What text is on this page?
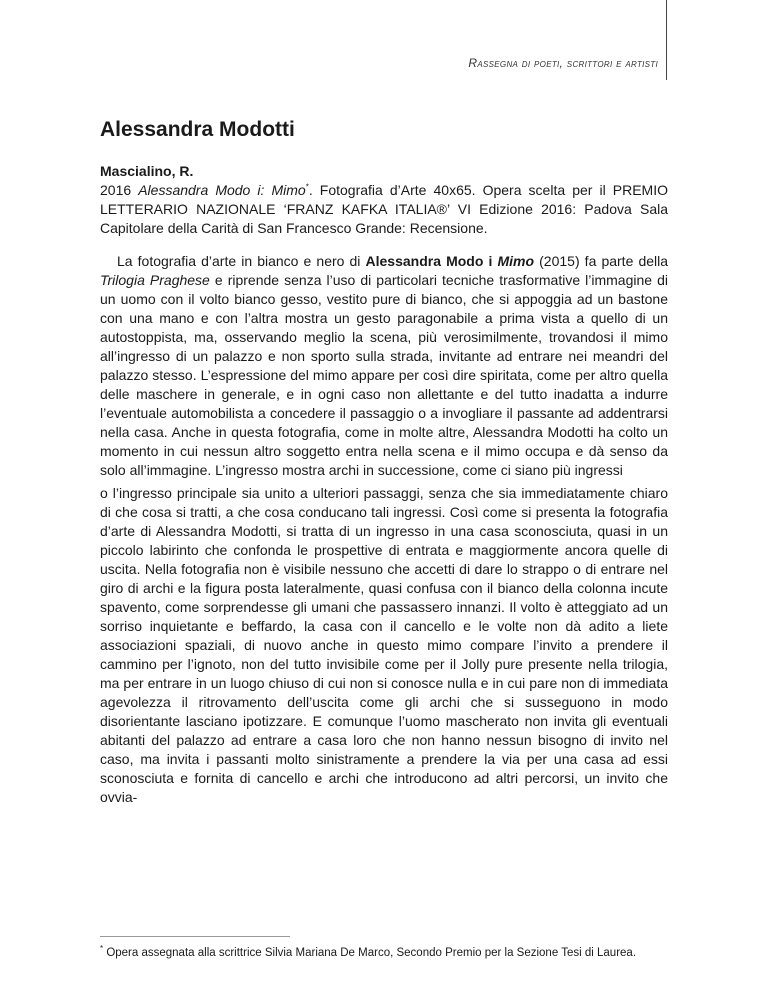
Rassegna di poeti, scrittori e artisti
Alessandra Modotti

Mascialino, R.

2016 Alessandra Modo i: Mimo*. Fotografia d’Arte 40x65. Opera scelta per il PREMIO LETTERARIO NAZIONALE ‘FRANZ KAFKA ITALIA®’ VI Edizione 2016: Padova Sala Capitolare della Carità di San Francesco Grande: Recensione.

La fotografia d’arte in bianco e nero di Alessandra Modo i Mimo (2015) fa parte della Trilogia Praghese e riprende senza l’uso di particolari tecniche trasformative l’immagine di un uomo con il volto bianco gesso, vestito pure di bianco, che si appoggia ad un bastone con una mano e con l’altra mostra un gesto paragonabile a prima vista a quello di un autostoppista, ma, osservando meglio la scena, più verosimilmente, trovandosi il mimo all’ingresso di un palazzo e non sporto sulla strada, invitante ad entrare nei meandri del palazzo stesso. L’espressione del mimo appare per così dire spiritata, come per altro quella delle maschere in generale, e in ogni caso non allettante e del tutto inadatta a indurre l’eventuale automobilista a concedere il passaggio o a invogliare il passante ad addentrarsi nella casa. Anche in questa fotografia, come in molte altre, Alessandra Modotti ha colto un momento in cui nessun altro soggetto entra nella scena e il mimo occupa e dà senso da solo all’immagine. L’ingresso mostra archi in successione, come ci siano più ingressi

o l’ingresso principale sia unito a ulteriori passaggi, senza che sia immediatamente chiaro di che cosa si tratti, a che cosa conducano tali ingressi. Così come si presenta la fotografia d’arte di Alessandra Modotti, si tratta di un ingresso in una casa sconosciuta, quasi in un piccolo labirinto che confonda le prospettive di entrata e maggiormente ancora quelle di uscita. Nella fotografia non è visibile nessuno che accetti di dare lo strappo o di entrare nel giro di archi e la figura posta lateralmente, quasi confusa con il bianco della colonna incute spavento, come sorprendesse gli umani che passassero innanzi. Il volto è atteggiato ad un sorriso inquietante e beffardo, la casa con il cancello e le volte non dà adito a liete associazioni spaziali, di nuovo anche in questo mimo compare l’invito a prendere il cammino per l’ignoto, non del tutto invisibile come per il Jolly pure presente nella trilogia, ma per entrare in un luogo chiuso di cui non si conosce nulla e in cui pare non di immediata agevolezza il ritrovamento dell’uscita come gli archi che si susseguono in modo disorientante lasciano ipotizzare. E comunque l’uomo mascherato non invita gli eventuali abitanti del palazzo ad entrare a casa loro che non hanno nessun bisogno di invito nel caso, ma invita i passanti molto sinistramente a prendere la via per una casa ad essi sconosciuta e fornita di cancello e archi che introducono ad altri percorsi, un invito che ovvia-

* Opera assegnata alla scrittrice Silvia Mariana De Marco, Secondo Premio per la Sezione Tesi di Laurea.
